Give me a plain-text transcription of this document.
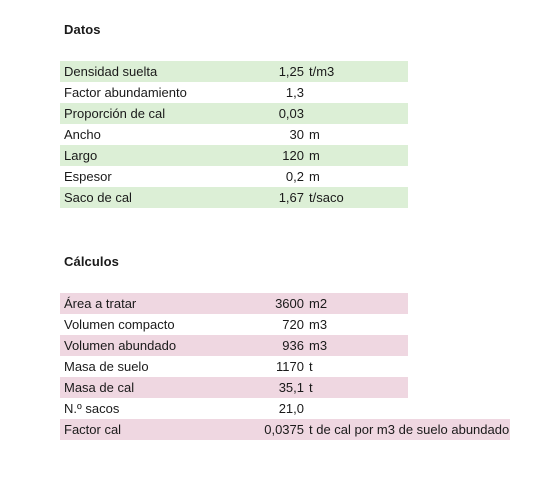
Datos
Densidad suelta	1,25 t/m3
Factor abundamiento	1,3
Proporción de cal	0,03
Ancho	30 m
Largo	120 m
Espesor	0,2 m
Saco de cal	1,67 t/saco
Cálculos
Área a tratar	3600 m2
Volumen compacto	720 m3
Volumen abundado	936 m3
Masa de suelo	1170 t
Masa de cal	35,1 t
N.º sacos	21,0
Factor cal	0,0375 t de cal por m3 de suelo abundado
